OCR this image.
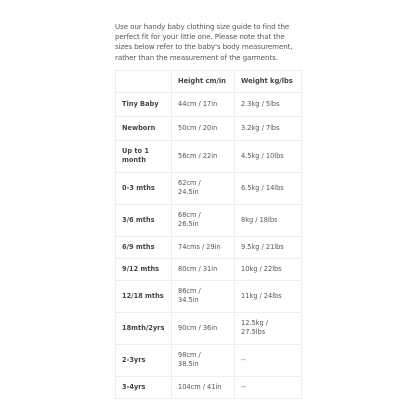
Use our handy baby clothing size guide to find the
perfect fit for your little one. Please note that the
sizes below refer to the baby's body measurement,
rather than the measurement of the garments.

	Height cm/in	Weight kg/lbs
Tiny Baby	44cm / 17in	2.3kg / 5lbs
Newborn	50cm / 20in	3.2kg / 7lbs
Up to 1
month	56cm / 22in	4.5kg / 10lbs
0-3 mths	62cm /
24.5in	6.5kg / 14lbs
3/6 mths	68cm /
26.5in	8kg / 18lbs
6/9 mths	74cms / 29in	9.5kg / 21lbs
9/12 mths	80cm / 31in	10kg / 22lbs
12/18 mths	86cm /
34.5in	11kg / 24lbs
18mth/2yrs	90cm / 36in	12.5kg /
27.5lbs
2-3yrs	98cm /
38.5in	--
3-4yrs	104cm / 41in	--
